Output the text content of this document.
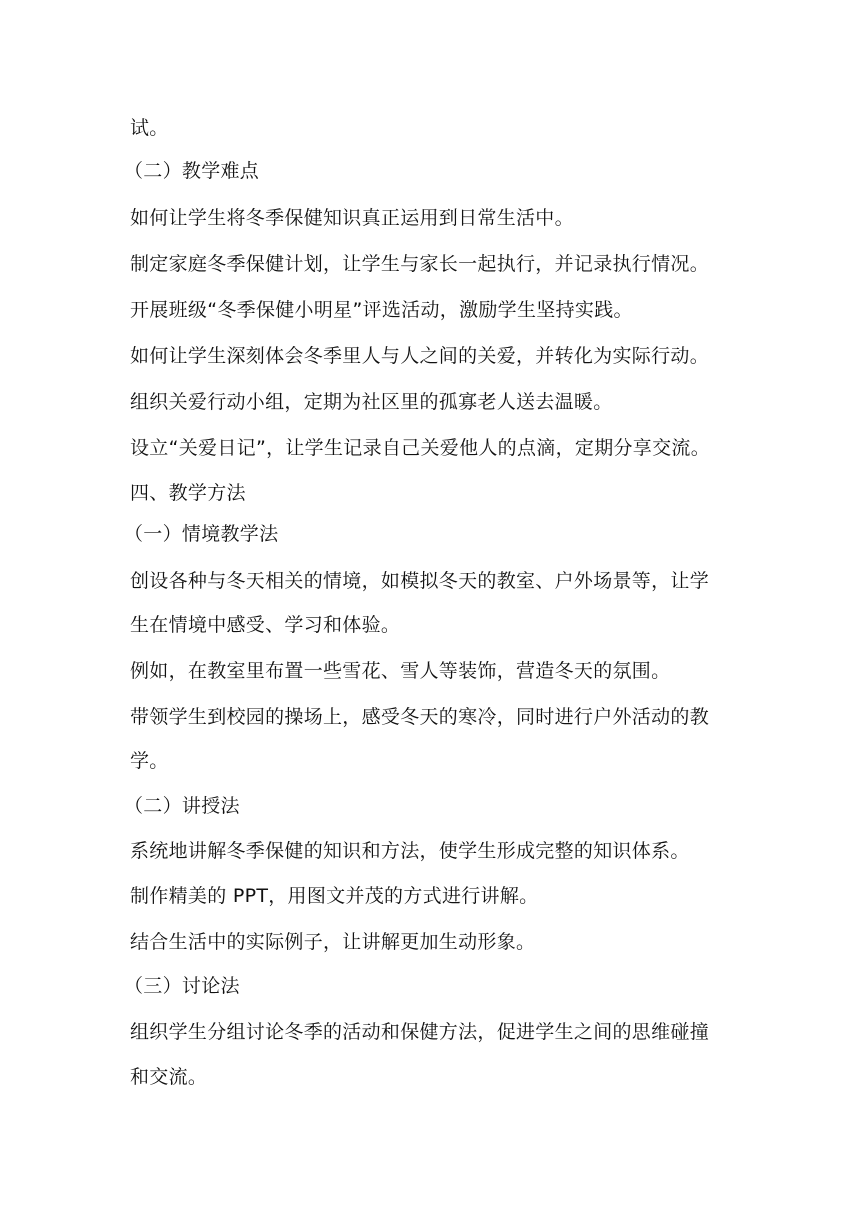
试。
（二）教学难点
如何让学生将冬季保健知识真正运用到日常生活中。
制定家庭冬季保健计划，让学生与家长一起执行，并记录执行情况。
开展班级“冬季保健小明星”评选活动，激励学生坚持实践。
如何让学生深刻体会冬季里人与人之间的关爱，并转化为实际行动。
组织关爱行动小组，定期为社区里的孤寡老人送去温暖。
设立“关爱日记”，让学生记录自己关爱他人的点滴，定期分享交流。
四、教学方法
（一）情境教学法
创设各种与冬天相关的情境，如模拟冬天的教室、户外场景等，让学
生在情境中感受、学习和体验。
例如，在教室里布置一些雪花、雪人等装饰，营造冬天的氛围。
带领学生到校园的操场上，感受冬天的寒冷，同时进行户外活动的教
学。
（二）讲授法
系统地讲解冬季保健的知识和方法，使学生形成完整的知识体系。
制作精美的 PPT，用图文并茂的方式进行讲解。
结合生活中的实际例子，让讲解更加生动形象。
（三）讨论法
组织学生分组讨论冬季的活动和保健方法，促进学生之间的思维碰撞
和交流。
